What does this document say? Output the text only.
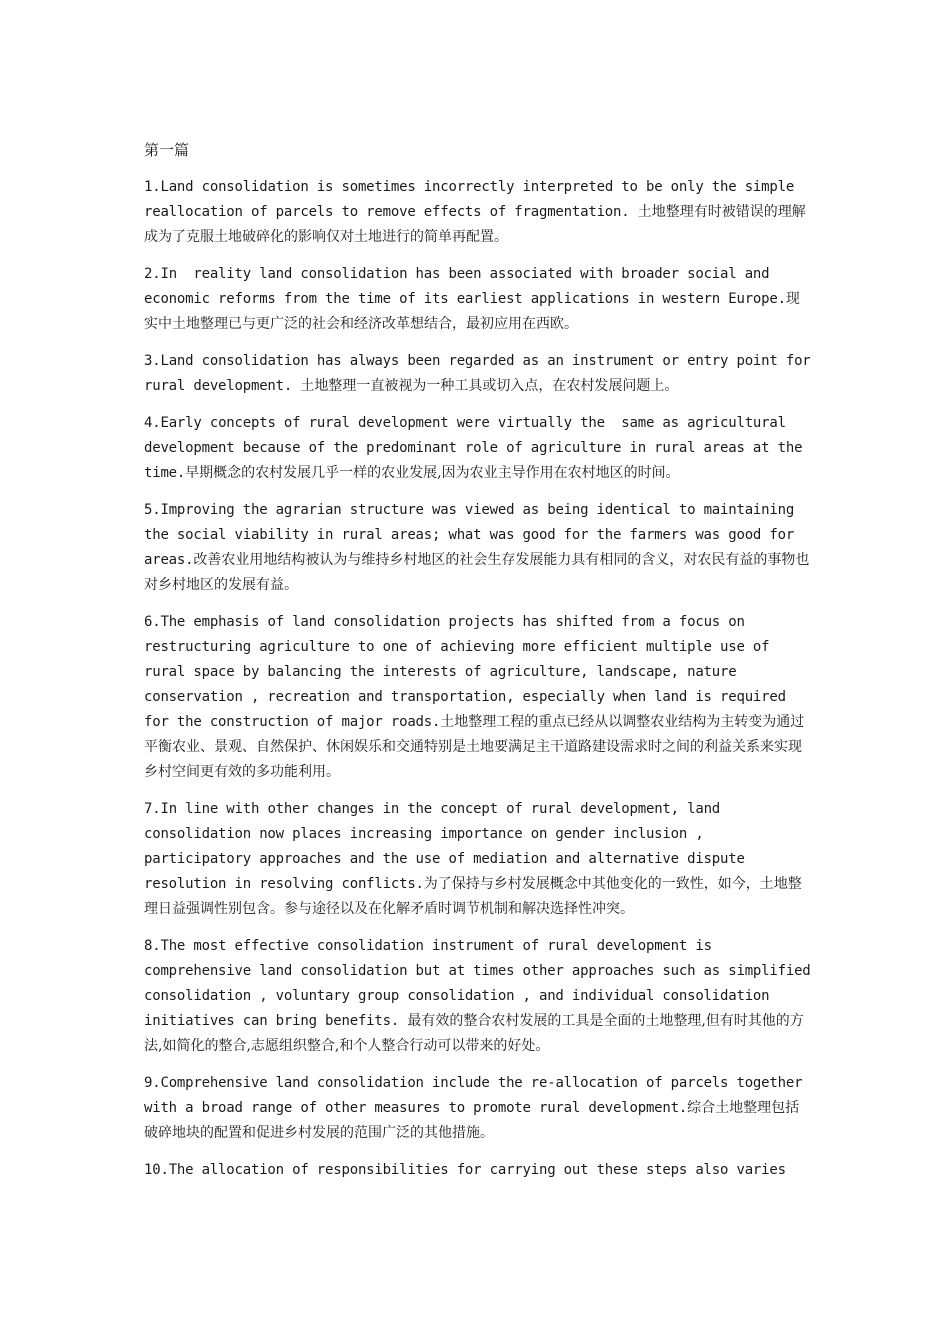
第一篇

1.Land consolidation is sometimes incorrectly interpreted to be only the simple reallocation of parcels to remove effects of fragmentation. 土地整理有时被错误的理解成为了克服土地破碎化的影响仅对土地进行的简单再配置。

2.In  reality land consolidation has been associated with broader social and economic reforms from the time of its earliest applications in western Europe.现实中土地整理已与更广泛的社会和经济改革想结合，最初应用在西欧。

3.Land consolidation has always been regarded as an instrument or entry point for rural development. 土地整理一直被视为一种工具或切入点，在农村发展问题上。

4.Early concepts of rural development were virtually the  same as agricultural development because of the predominant role of agriculture in rural areas at the time.早期概念的农村发展几乎一样的农业发展,因为农业主导作用在农村地区的时间。

5.Improving the agrarian structure was viewed as being identical to maintaining the social viability in rural areas; what was good for the farmers was good for areas.改善农业用地结构被认为与维持乡村地区的社会生存发展能力具有相同的含义，对农民有益的事物也对乡村地区的发展有益。

6.The emphasis of land consolidation projects has shifted from a focus on restructuring agriculture to one of achieving more efficient multiple use of rural space by balancing the interests of agriculture, landscape, nature conservation , recreation and transportation, especially when land is required for the construction of major roads.土地整理工程的重点已经从以调整农业结构为主转变为通过平衡农业、景观、自然保护、休闲娱乐和交通特别是土地要满足主干道路建设需求时之间的利益关系来实现乡村空间更有效的多功能利用。

7.In line with other changes in the concept of rural development, land consolidation now places increasing importance on gender inclusion , participatory approaches and the use of mediation and alternative dispute resolution in resolving conflicts.为了保持与乡村发展概念中其他变化的一致性，如今，土地整理日益强调性别包含。参与途径以及在化解矛盾时调节机制和解决选择性冲突。

8.The most effective consolidation instrument of rural development is comprehensive land consolidation but at times other approaches such as simplified consolidation , voluntary group consolidation , and individual consolidation initiatives can bring benefits. 最有效的整合农村发展的工具是全面的土地整理,但有时其他的方法,如简化的整合,志愿组织整合,和个人整合行动可以带来的好处。

9.Comprehensive land consolidation include the re-allocation of parcels together with a broad range of other measures to promote rural development.综合土地整理包括破碎地块的配置和促进乡村发展的范围广泛的其他措施。

10.The allocation of responsibilities for carrying out these steps also varies
